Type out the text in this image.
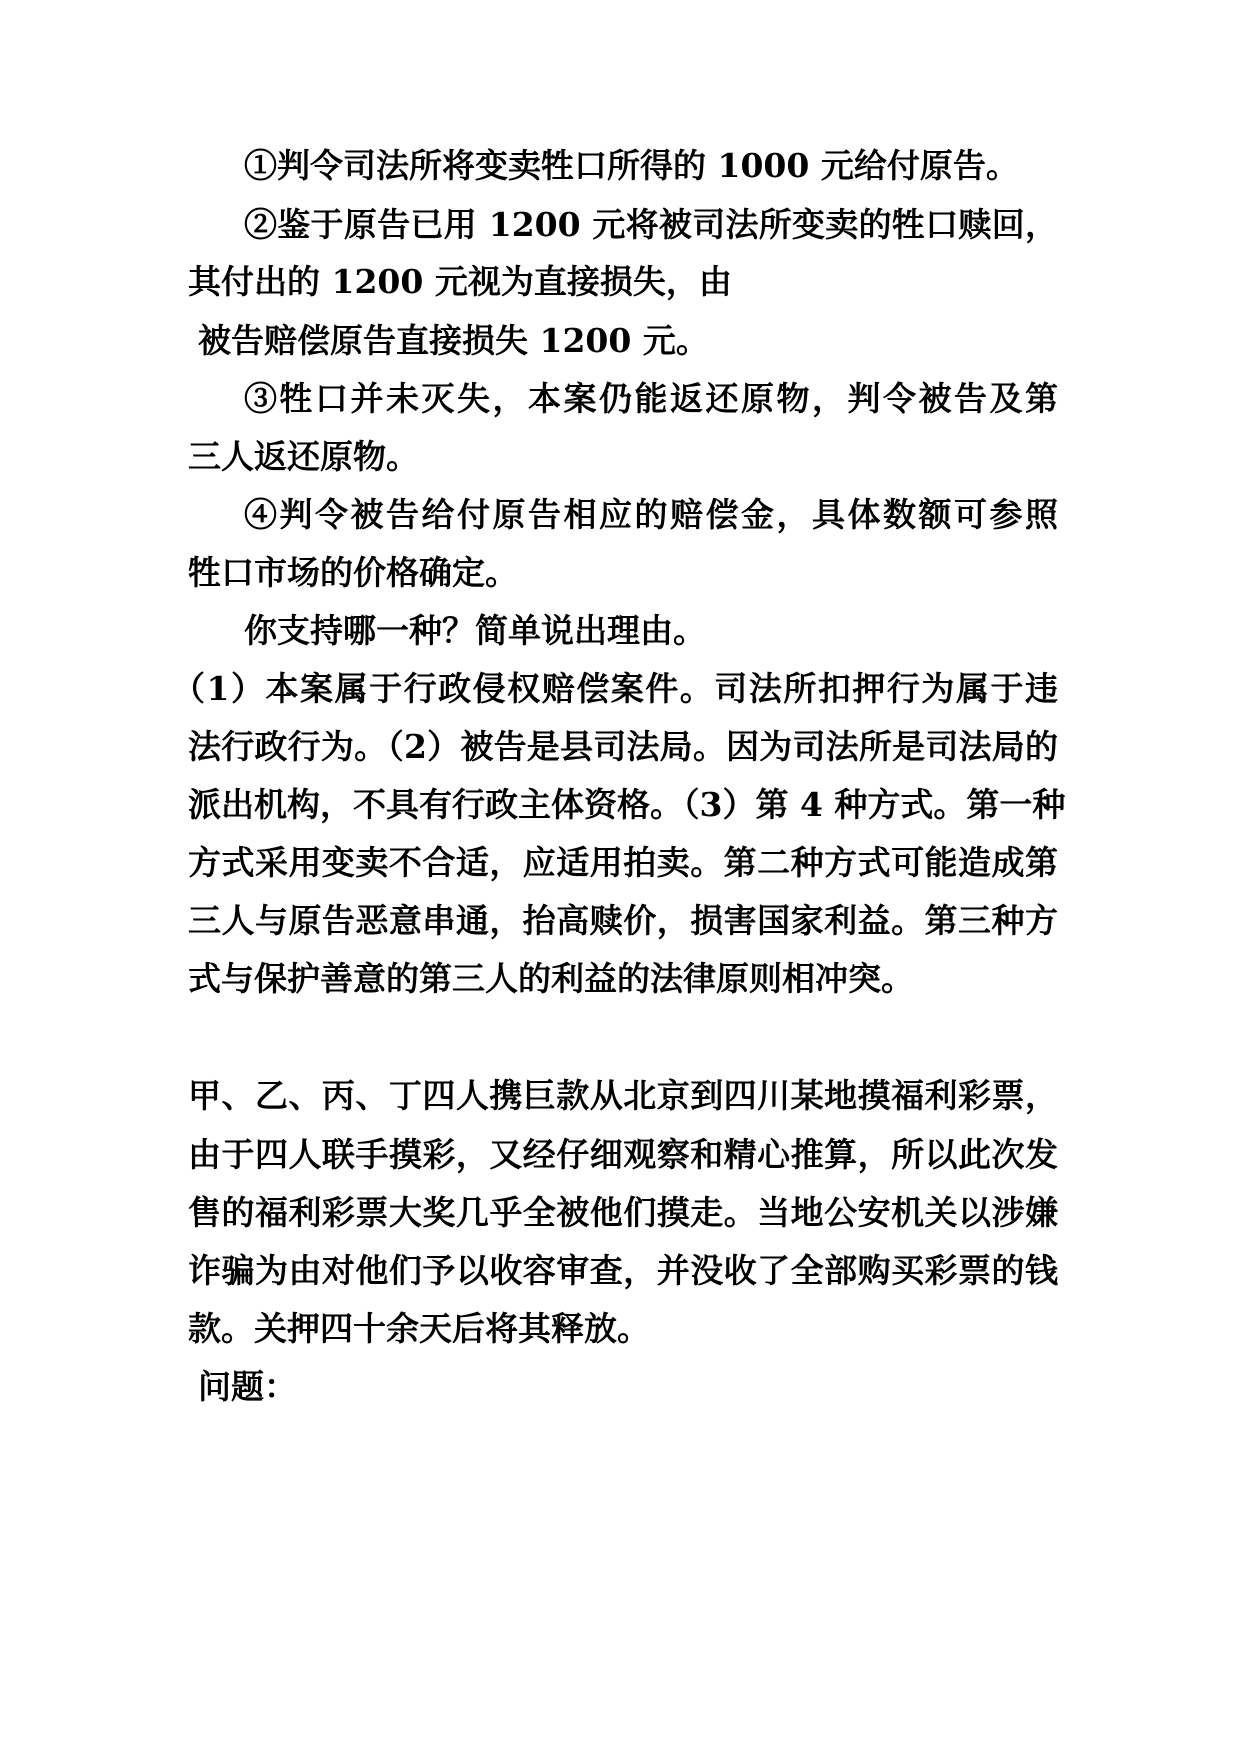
①判令司法所将变卖牲口所得的 1000 元给付原告。
②鉴于原告已用 1200 元将被司法所变卖的牲口赎回，
其付出的 1200 元视为直接损失，由
被告赔偿原告直接损失 1200 元。
③牲口并未灭失，本案仍能返还原物，判令被告及第
三人返还原物。
④判令被告给付原告相应的赔偿金，具体数额可参照
牲口市场的价格确定。
你支持哪一种？简单说出理由。
（1）本案属于行政侵权赔偿案件。司法所扣押行为属于违
法行政行为。（2）被告是县司法局。因为司法所是司法局的
派出机构，不具有行政主体资格。（3）第 4 种方式。第一种
方式采用变卖不合适，应适用拍卖。第二种方式可能造成第
三人与原告恶意串通，抬高赎价，损害国家利益。第三种方
式与保护善意的第三人的利益的法律原则相冲突。
甲、乙、丙、丁四人携巨款从北京到四川某地摸福利彩票，
由于四人联手摸彩，又经仔细观察和精心推算，所以此次发
售的福利彩票大奖几乎全被他们摸走。当地公安机关以涉嫌
诈骗为由对他们予以收容审查，并没收了全部购买彩票的钱
款。关押四十余天后将其释放。
问题：
